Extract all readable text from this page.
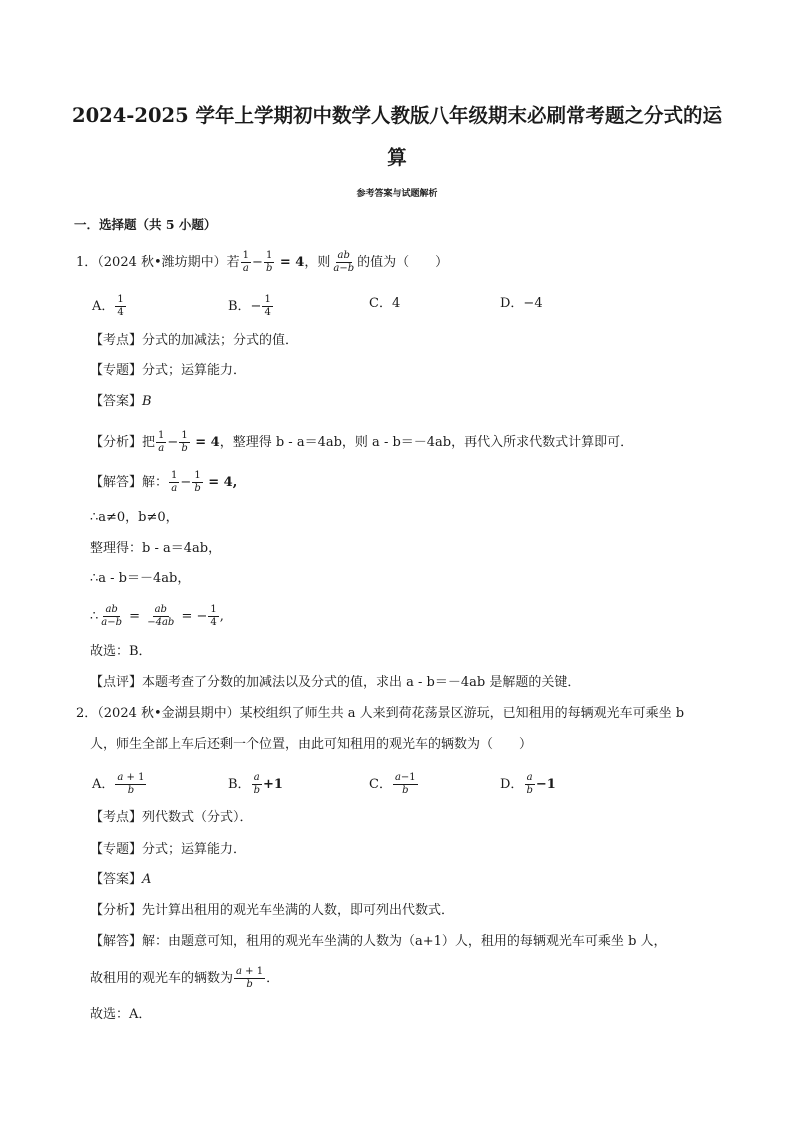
2024-2025 学年上学期初中数学人教版八年级期末必刷常考题之分式的运
算
参考答案与试题解析
一．选择题（共 5 小题）
1．（2024 秋•潍坊期中）若 $\frac{1}{a} - \frac{1}{b} = 4$，则 $\frac{ab}{a-b}$ 的值为（　　）
A． $\frac{1}{4}$	B．− $\frac{1}{4}$	C．4	D．−4
【考点】分式的加减法；分式的值．
【专题】分式；运算能力．
【答案】B
【分析】把 $\frac{1}{a} - \frac{1}{b} = 4$，整理得 b - a＝4ab，则 a - b＝－4ab，再代入所求代数式计算即可．
【解答】解： $\frac{1}{a} - \frac{1}{b} = 4$,
∴a≠0，b≠0，
整理得：b - a＝4ab，
∴a - b＝－4ab，
∴ $\frac{ab}{a-b} = \frac{ab}{-4ab}$ = − $\frac{1}{4}$ ,
故选：B．
【点评】本题考查了分数的加减法以及分式的值，求出 a - b＝－4ab 是解题的关键．
2．（2024 秋•金湖县期中）某校组织了师生共 a 人来到荷花荡景区游玩，已知租用的每辆观光车可乘坐 b
人，师生全部上车后还剩一个位置，由此可知租用的观光车的辆数为（　　）
A． $\frac{a + 1}{b}$	B． $\frac{a}{b} +1$	C． $\frac{a-1}{b}$	D． $\frac{a}{b} -1$
【考点】列代数式（分式）．
【专题】分式；运算能力．
【答案】A
【分析】先计算出租用的观光车坐满的人数，即可列出代数式．
【解答】解：由题意可知，租用的观光车坐满的人数为（a+1）人，租用的每辆观光车可乘坐 b 人，
故租用的观光车的辆数为 $\frac{a + 1}{b}$ ．
故选：A．
